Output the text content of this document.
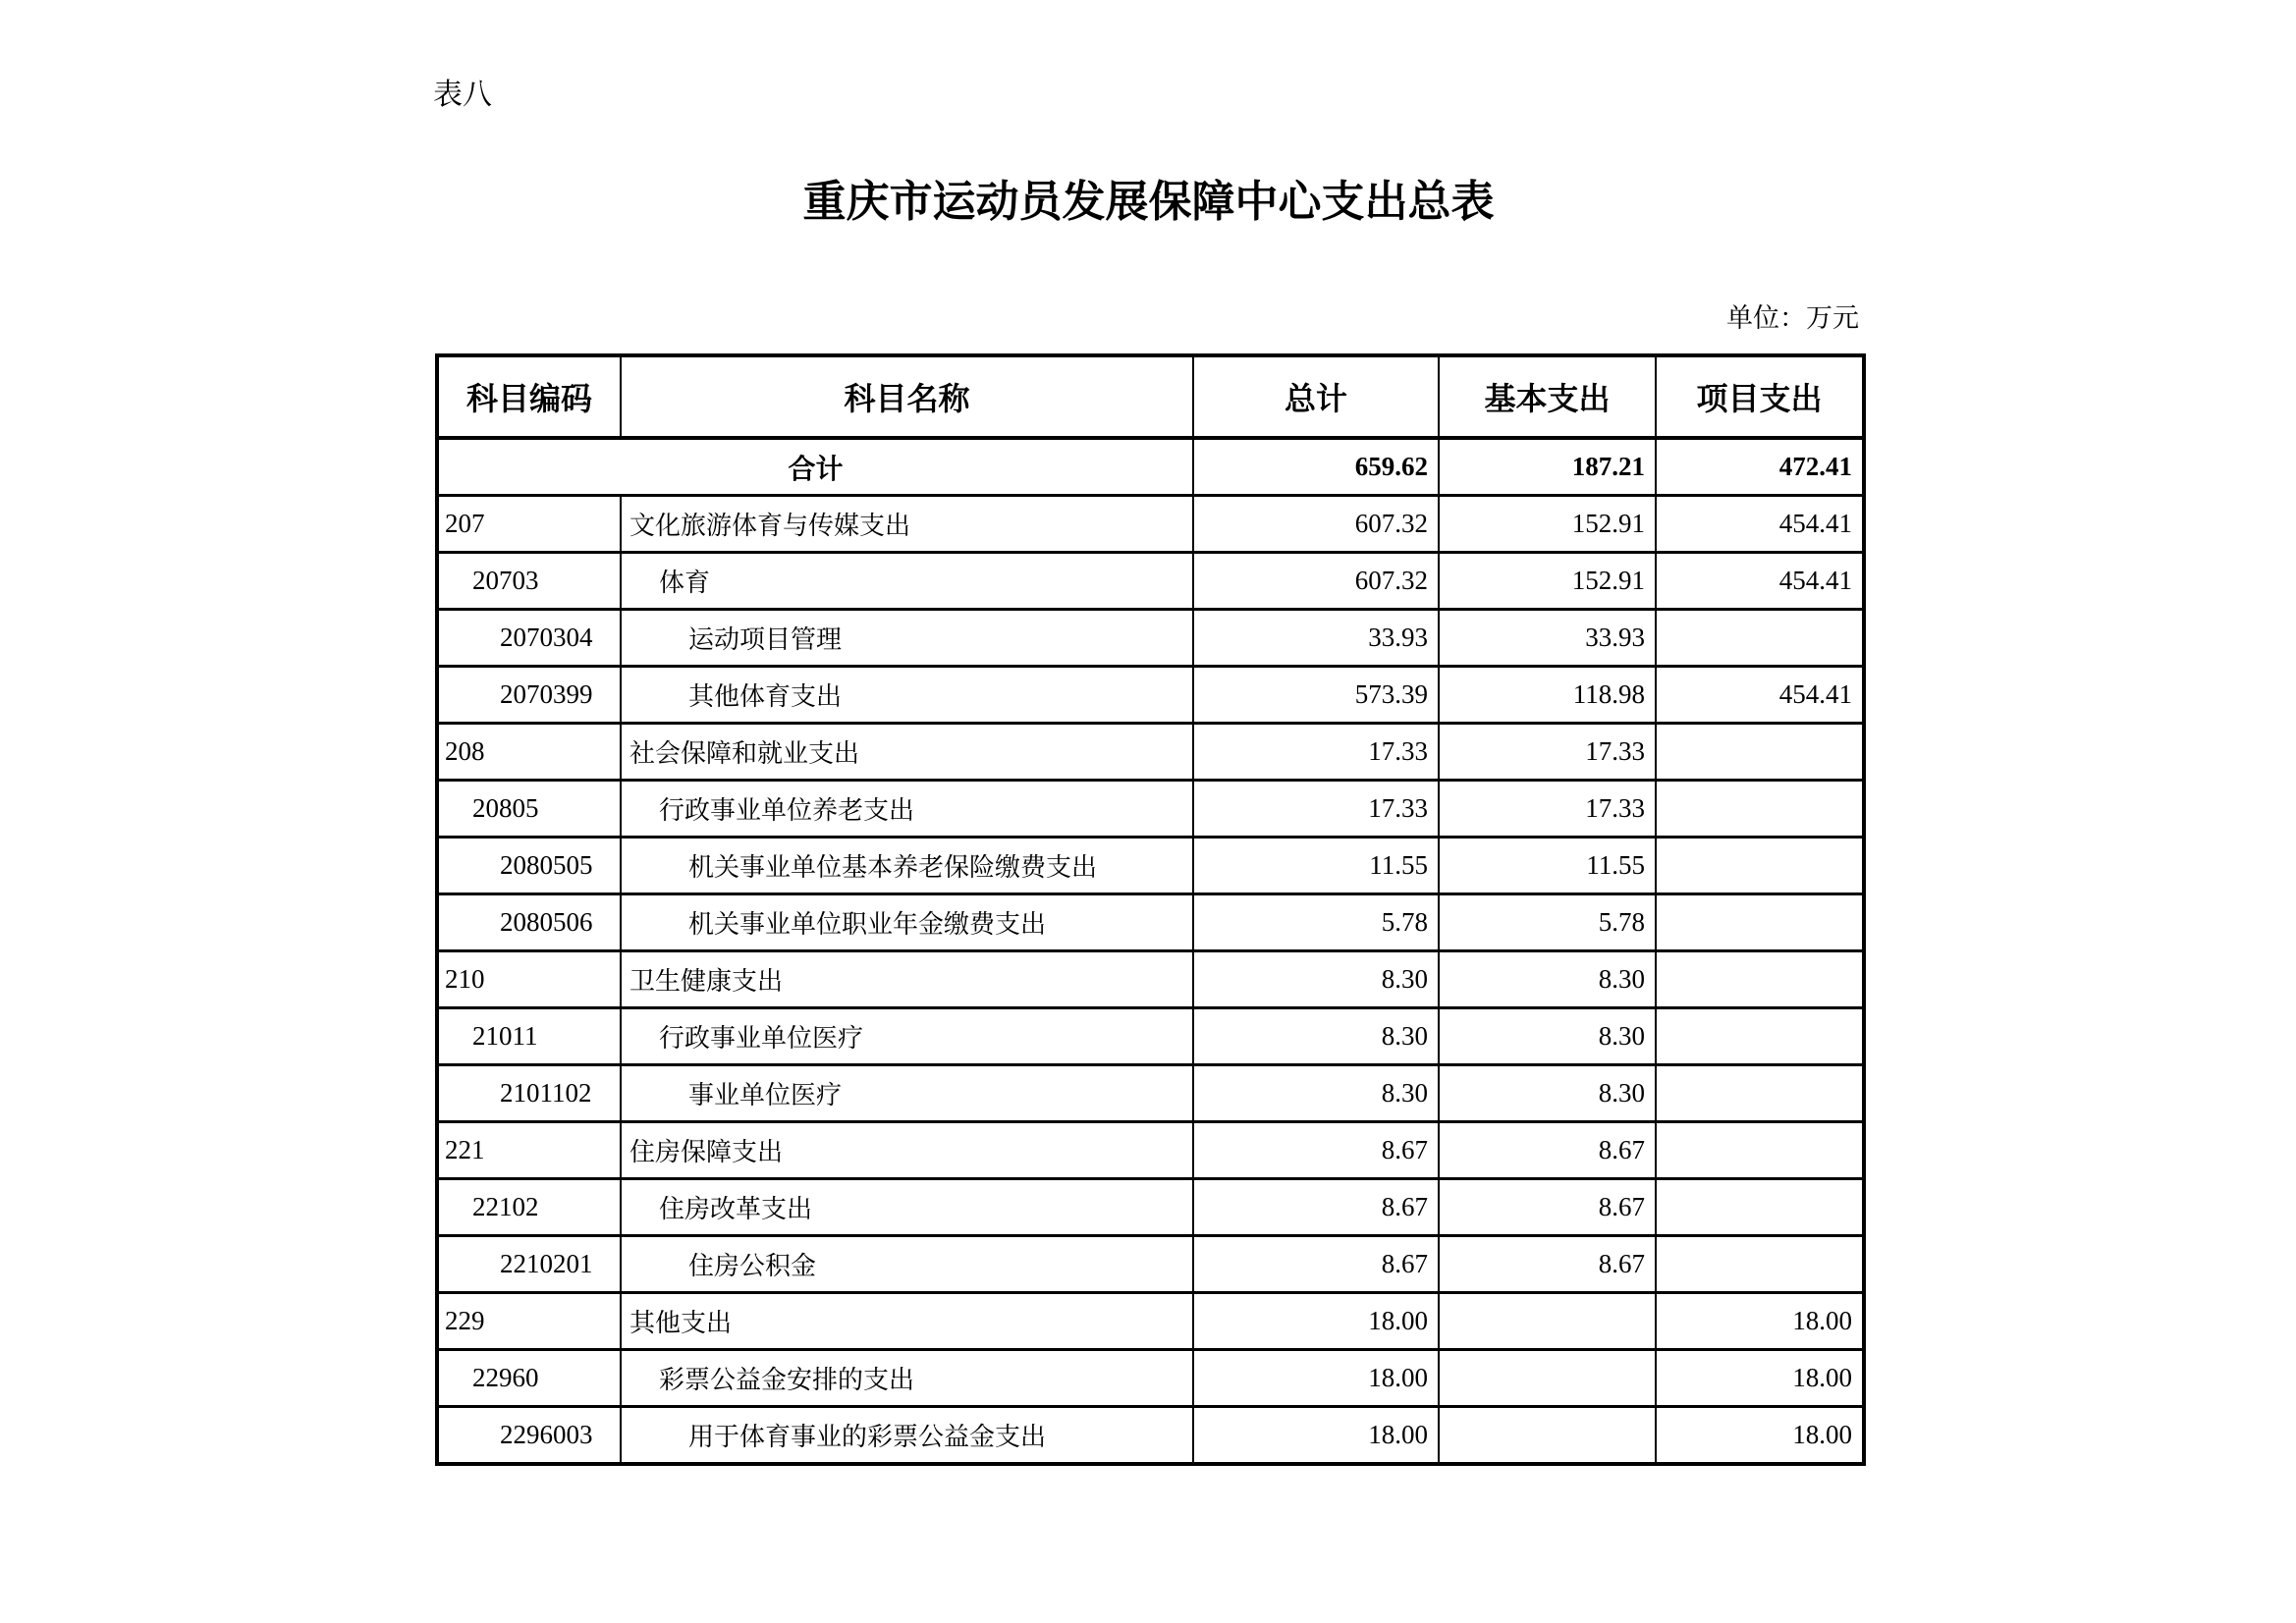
表八
重庆市运动员发展保障中心支出总表
单位：万元
科目编码	科目名称	总计	基本支出	项目支出
合计		659.62	187.21	472.41
207	文化旅游体育与传媒支出	607.32	152.91	454.41
20703	体育	607.32	152.91	454.41
2070304	运动项目管理	33.93	33.93	
2070399	其他体育支出	573.39	118.98	454.41
208	社会保障和就业支出	17.33	17.33	
20805	行政事业单位养老支出	17.33	17.33	
2080505	机关事业单位基本养老保险缴费支出	11.55	11.55	
2080506	机关事业单位职业年金缴费支出	5.78	5.78	
210	卫生健康支出	8.30	8.30	
21011	行政事业单位医疗	8.30	8.30	
2101102	事业单位医疗	8.30	8.30	
221	住房保障支出	8.67	8.67	
22102	住房改革支出	8.67	8.67	
2210201	住房公积金	8.67	8.67	
229	其他支出	18.00		18.00
22960	彩票公益金安排的支出	18.00		18.00
2296003	用于体育事业的彩票公益金支出	18.00		18.00
